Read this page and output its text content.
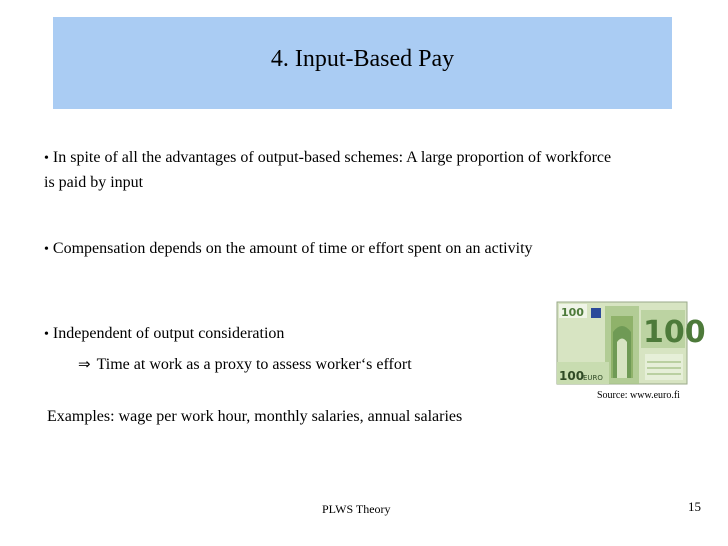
4. Input-Based Pay
• In spite of all the advantages of output-based schemes: A large proportion of workforce is paid by input
• Compensation depends on the amount of time or effort spent on an activity
• Independent of output consideration
⇒ Time at work as a proxy to assess worker‘s effort
100
100
100
EURO
Source: www.euro.fi
Examples: wage per work hour, monthly salaries, annual salaries
PLWS Theory	15
